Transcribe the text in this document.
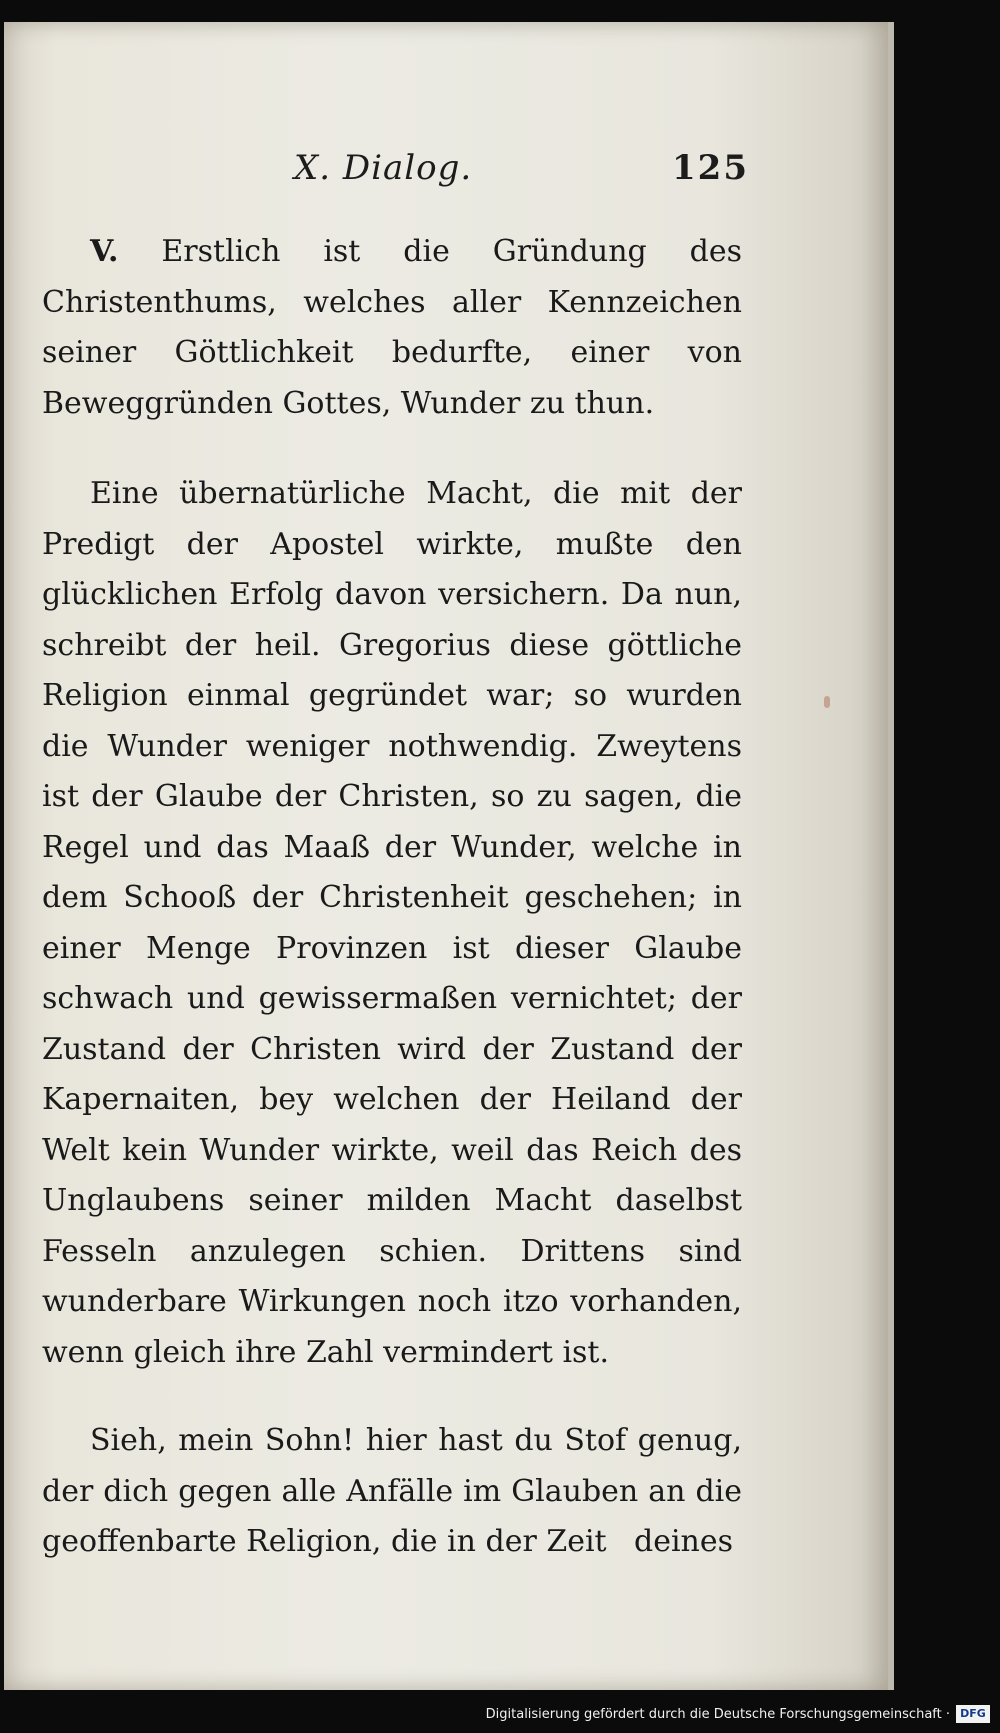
X. Dialog.	125

V. Erstlich ist die Gründung des Christenthums, welches aller Kennzeichen seiner Göttlichkeit bedurfte, einer von Beweggründen Gottes, Wunder zu thun.

Eine übernatürliche Macht, die mit der Predigt der Apostel wirkte, mußte den glücklichen Erfolg davon versichern. Da nun, schreibt der heil. Gregorius diese göttliche Religion einmal gegründet war; so wurden die Wunder weniger nothwendig. Zweytens ist der Glaube der Christen, so zu sagen, die Regel und das Maaß der Wunder, welche in dem Schooß der Christenheit geschehen; in einer Menge Provinzen ist dieser Glaube schwach und gewissermaßen vernichtet; der Zustand der Christen wird der Zustand der Kapernaiten, bey welchen der Heiland der Welt kein Wunder wirkte, weil das Reich des Unglaubens seiner milden Macht daselbst Fesseln anzulegen schien. Drittens sind wunderbare Wirkungen noch itzo vorhanden, wenn gleich ihre Zahl vermindert ist.

Sieh, mein Sohn! hier hast du Stof genug, der dich gegen alle Anfälle im Glauben an die geoffenbarte Religion, die in der Zeit deines
Digitalisierung gefördert durch die Deutsche Forschungsgemeinschaft · DFG
